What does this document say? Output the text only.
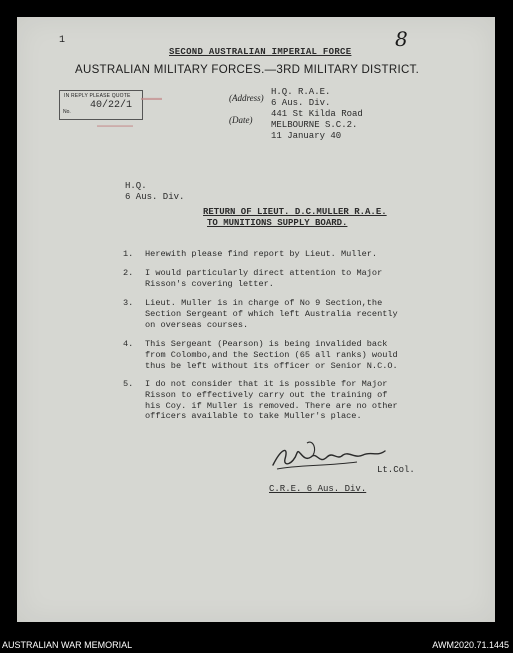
1	8
SECOND AUSTRALIAN IMPERIAL FORCE
AUSTRALIAN MILITARY FORCES.—3RD MILITARY DISTRICT.
IN REPLY PLEASE QUOTE
No.
40/22/1
▬▬▬
▬▬▬▬▬▬
(Address)
(Date)
H.Q. R.A.E.
6 Aus. Div.
441 St Kilda Road
MELBOURNE S.C.2.
11 January 40
H.Q.
6 Aus. Div.
RETURN OF LIEUT. D.C.MULLER R.A.E.
TO MUNITIONS SUPPLY BOARD.
1. Herewith please find report by Lieut. Muller.
2. I would particularly direct attention to Major
Risson's covering letter.
3. Lieut. Muller is in charge of No 9 Section,the
Section Sergeant of which left Australia recently
on overseas courses.
4. This Sergeant (Pearson) is being invalided back
from Colombo,and the Section (65 all ranks) would
thus be left without its officer or Senior N.C.O.
5. I do not consider that it is possible for Major
Risson to effectively carry out the training of
his Coy. if Muller is removed. There are no other
officers available to take Muller's place.
Lt.Col.
C.R.E. 6 Aus. Div.
AUSTRALIAN WAR MEMORIAL	AWM2020.71.1445
